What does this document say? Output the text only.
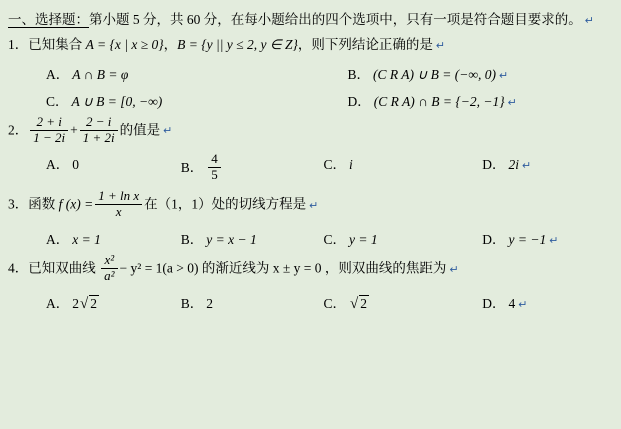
一、选择题：第小题 5 分，共 60 分，在每小题给出的四个选项中，只有一项是符合题目要求的。 ↵
1．已知集合 A = {x | x ≥ 0}，B = {y || y ≤ 2, y ∈ Z}，则下列结论正确的是 ↵
A． A ∩ B = φ	B． (C R A) ∪ B = (−∞, 0) ↵
C． A ∪ B = [0, −∞)	D． (C R A) ∩ B = {−2, −1} ↵
2． $\frac{2 + i}{1 - 2i} + \frac{2 - i}{1 + 2i}$ 的值是 ↵
A． 0	B． $\frac{4}{5}$	C． i	D． 2i ↵
3．函数 f $(x) = \frac{\text{1 + ln x}}{x}$ 在（1，1）处的切线方程是 ↵
A． x = 1	B． y = x − 1	C． y = 1	D． y = −1 ↵
4．已知双曲线 $\frac{\text{x²}}{\text{a²}} - y^2 = 1(a > 0)$ 的渐近线为 x ± y = 0 ，则双曲线的焦距为 ↵
A． 2√ 2	B． 2	C． √ 2	D． 4 ↵
